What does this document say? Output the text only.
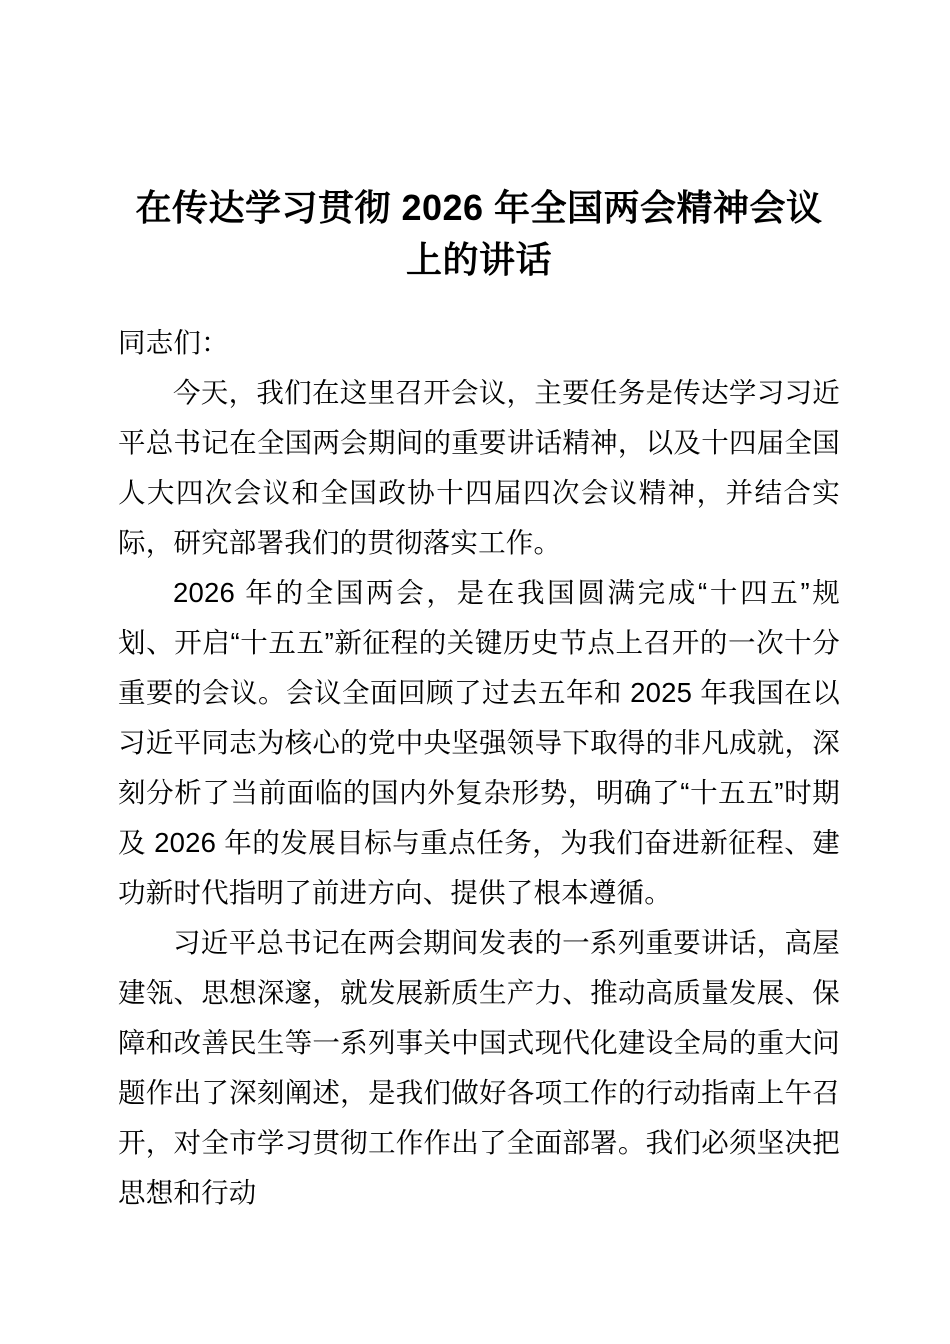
在传达学习贯彻 2026 年全国两会精神会议上的讲话

同志们：

今天，我们在这里召开会议，主要任务是传达学习习近平总书记在全国两会期间的重要讲话精神，以及十四届全国人大四次会议和全国政协十四届四次会议精神，并结合实际，研究部署我们的贯彻落实工作。

2026 年的全国两会，是在我国圆满完成“十四五”规划、开启“十五五”新征程的关键历史节点上召开的一次十分重要的会议。会议全面回顾了过去五年和 2025 年我国在以习近平同志为核心的党中央坚强领导下取得的非凡成就，深刻分析了当前面临的国内外复杂形势，明确了“十五五”时期及 2026 年的发展目标与重点任务，为我们奋进新征程、建功新时代指明了前进方向、提供了根本遵循。

习近平总书记在两会期间发表的一系列重要讲话，高屋建瓴、思想深邃，就发展新质生产力、推动高质量发展、保障和改善民生等一系列事关中国式现代化建设全局的重大问题作出了深刻阐述，是我们做好各项工作的行动指南上午召开，对全市学习贯彻工作作出了全面部署。我们必须坚决把思想和行动
